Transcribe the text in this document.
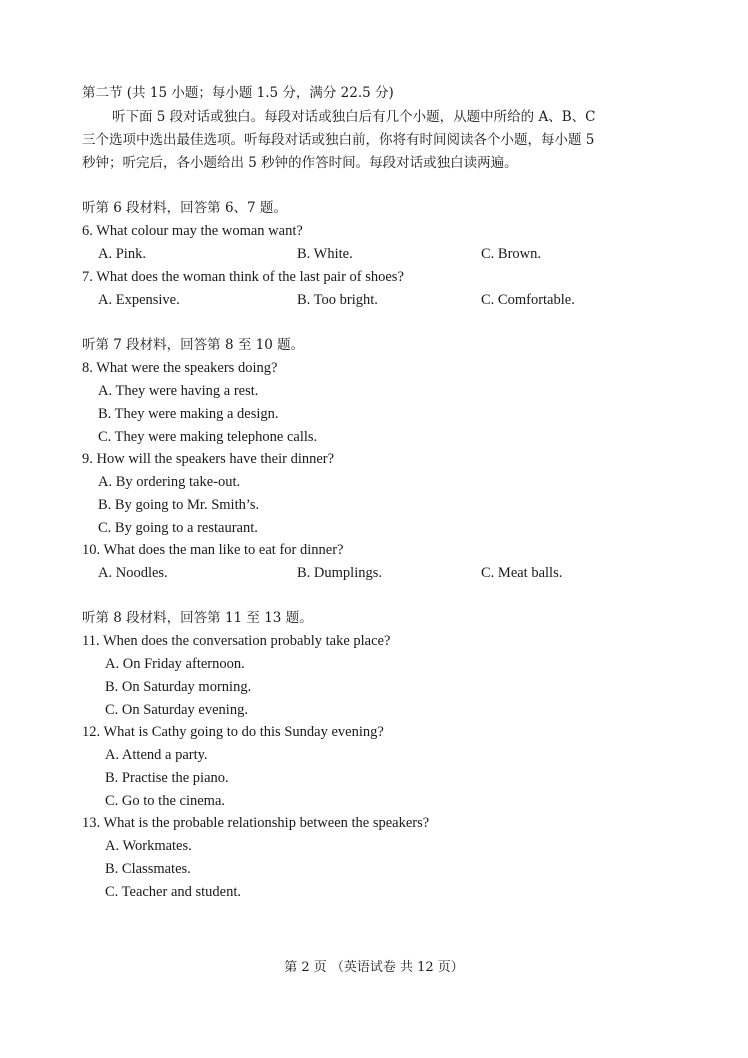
第二节 (共 15 小题；每小题 1.5 分，满分 22.5 分)
听下面 5 段对话或独白。每段对话或独白后有几个小题，从题中所给的 A、B、C
三个选项中选出最佳选项。听每段对话或独白前，你将有时间阅读各个小题，每小题 5
秒钟；听完后，各小题给出 5 秒钟的作答时间。每段对话或独白读两遍。
听第 6 段材料，回答第 6、7 题。
6. What colour may the woman want?
A. Pink.	B. White.	C. Brown.
7. What does the woman think of the last pair of shoes?
A. Expensive.	B. Too bright.	C. Comfortable.
听第 7 段材料，回答第 8 至 10 题。
8. What were the speakers doing?
A. They were having a rest.
B. They were making a design.
C. They were making telephone calls.
9. How will the speakers have their dinner?
A. By ordering take-out.
B. By going to Mr. Smith’s.
C. By going to a restaurant.
10. What does the man like to eat for dinner?
A. Noodles.	B. Dumplings.	C. Meat balls.
听第 8 段材料，回答第 11 至 13 题。
11. When does the conversation probably take place?
A. On Friday afternoon.
B. On Saturday morning.
C. On Saturday evening.
12. What is Cathy going to do this Sunday evening?
A. Attend a party.
B. Practise the piano.
C. Go to the cinema.
13. What is the probable relationship between the speakers?
A. Workmates.
B. Classmates.
C. Teacher and student.
第 2 页 （英语试卷 共 12 页）
